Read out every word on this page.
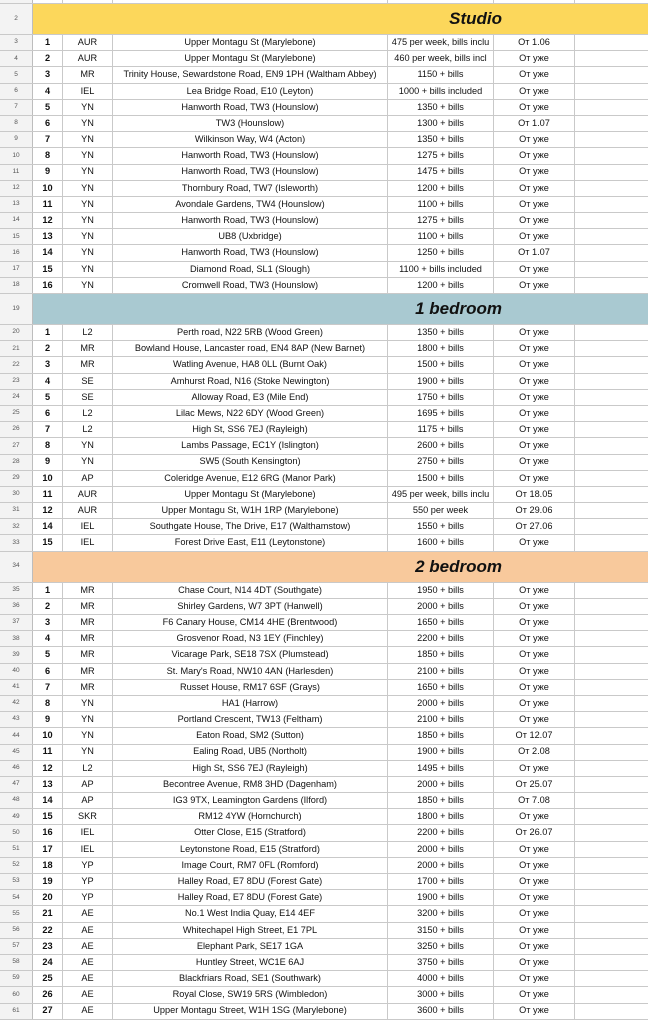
2	Studio
3	1	AUR	Upper Montagu St (Marylebone)	475 per week, bills inclu	От 1.06
4	2	AUR	Upper Montagu St (Marylebone)	460 per week, bills incl	От уже
5	3	MR	Trinity House, Sewardstone Road, EN9 1PH (Waltham Abbey)	1150 + bills	От уже
6	4	IEL	Lea Bridge Road, E10 (Leyton)	1000 + bills included	От уже
7	5	YN	Hanworth Road, TW3 (Hounslow)	1350 + bills	От уже
8	6	YN	TW3 (Hounslow)	1300 + bills	От 1.07
9	7	YN	Wilkinson Way, W4 (Acton)	1350 + bills	От уже
10	8	YN	Hanworth Road, TW3 (Hounslow)	1275 + bills	От уже
11	9	YN	Hanworth Road, TW3 (Hounslow)	1475 + bills	От уже
12	10	YN	Thornbury Road, TW7 (Isleworth)	1200 + bills	От уже
13	11	YN	Avondale Gardens, TW4 (Hounslow)	1100 + bills	От уже
14	12	YN	Hanworth Road, TW3 (Hounslow)	1275 + bills	От уже
15	13	YN	UB8 (Uxbridge)	1100 + bills	От уже
16	14	YN	Hanworth Road, TW3 (Hounslow)	1250 + bills	От 1.07
17	15	YN	Diamond Road, SL1 (Slough)	1100 + bills included	От уже
18	16	YN	Cromwell Road, TW3 (Hounslow)	1200 + bills	От уже
19	1 bedroom
20	1	L2	Perth road, N22 5RB (Wood Green)	1350 + bills	От уже
21	2	MR	Bowland House, Lancaster road, EN4 8AP (New Barnet)	1800 + bills	От уже
22	3	MR	Watling Avenue, HA8 0LL (Burnt Oak)	1500 + bills	От уже
23	4	SE	Amhurst Road, N16 (Stoke Newington)	1900 + bills	От уже
24	5	SE	Alloway Road, E3 (Mile End)	1750 + bills	От уже
25	6	L2	Lilac Mews, N22 6DY (Wood Green)	1695 + bills	От уже
26	7	L2	High St, SS6 7EJ (Rayleigh)	1175 + bills	От уже
27	8	YN	Lambs Passage, EC1Y (Islington)	2600 + bills	От уже
28	9	YN	SW5 (South Kensington)	2750 + bills	От уже
29	10	AP	Coleridge Avenue, E12 6RG (Manor Park)	1500 + bills	От уже
30	11	AUR	Upper Montagu St (Marylebone)	495 per week, bills inclu	От 18.05
31	12	AUR	Upper Montagu St, W1H 1RP (Marylebone)	550 per week	От 29.06
32	14	IEL	Southgate House, The Drive, E17 (Walthamstow)	1550 + bills	От 27.06
33	15	IEL	Forest Drive East, E11 (Leytonstone)	1600 + bills	От уже
34	2 bedroom
35	1	MR	Chase Court, N14 4DT (Southgate)	1950 + bills	От уже
36	2	MR	Shirley Gardens, W7 3PT (Hanwell)	2000 + bills	От уже
37	3	MR	F6 Canary House, CM14 4HE (Brentwood)	1650 + bills	От уже
38	4	MR	Grosvenor Road, N3 1EY (Finchley)	2200 + bills	От уже
39	5	MR	Vicarage Park, SE18 7SX (Plumstead)	1850 + bills	От уже
40	6	MR	St. Mary's Road, NW10 4AN (Harlesden)	2100 + bills	От уже
41	7	MR	Russet House, RM17 6SF (Grays)	1650 + bills	От уже
42	8	YN	HA1 (Harrow)	2000 + bills	От уже
43	9	YN	Portland Crescent, TW13 (Feltham)	2100 + bills	От уже
44	10	YN	Eaton Road, SM2 (Sutton)	1850 + bills	От 12.07
45	11	YN	Ealing Road, UB5 (Northolt)	1900 + bills	От 2.08
46	12	L2	High St, SS6 7EJ (Rayleigh)	1495 + bills	От уже
47	13	AP	Becontree Avenue, RM8 3HD (Dagenham)	2000 + bills	От 25.07
48	14	AP	IG3 9TX, Leamington Gardens (Ilford)	1850 + bills	От 7.08
49	15	SKR	RM12 4YW (Hornchurch)	1800 + bills	От уже
50	16	IEL	Otter Close, E15 (Stratford)	2200 + bills	От 26.07
51	17	IEL	Leytonstone Road, E15 (Stratford)	2000 + bills	От уже
52	18	YP	Image Court, RM7 0FL (Romford)	2000 + bills	От уже
53	19	YP	Halley Road, E7 8DU (Forest Gate)	1700 + bills	От уже
54	20	YP	Halley Road, E7 8DU (Forest Gate)	1900 + bills	От уже
55	21	AE	No.1 West India Quay, E14 4EF	3200 + bills	От уже
56	22	AE	Whitechapel High Street, E1 7PL	3150 + bills	От уже
57	23	AE	Elephant Park, SE17 1GA	3250 + bills	От уже
58	24	AE	Huntley Street, WC1E 6AJ	3750 + bills	От уже
59	25	AE	Blackfriars Road, SE1 (Southwark)	4000 + bills	От уже
60	26	AE	Royal Close, SW19 5RS (Wimbledon)	3000 + bills	От уже
61	27	AE	Upper Montagu Street, W1H 1SG (Marylebone)	3600 + bills	От уже
